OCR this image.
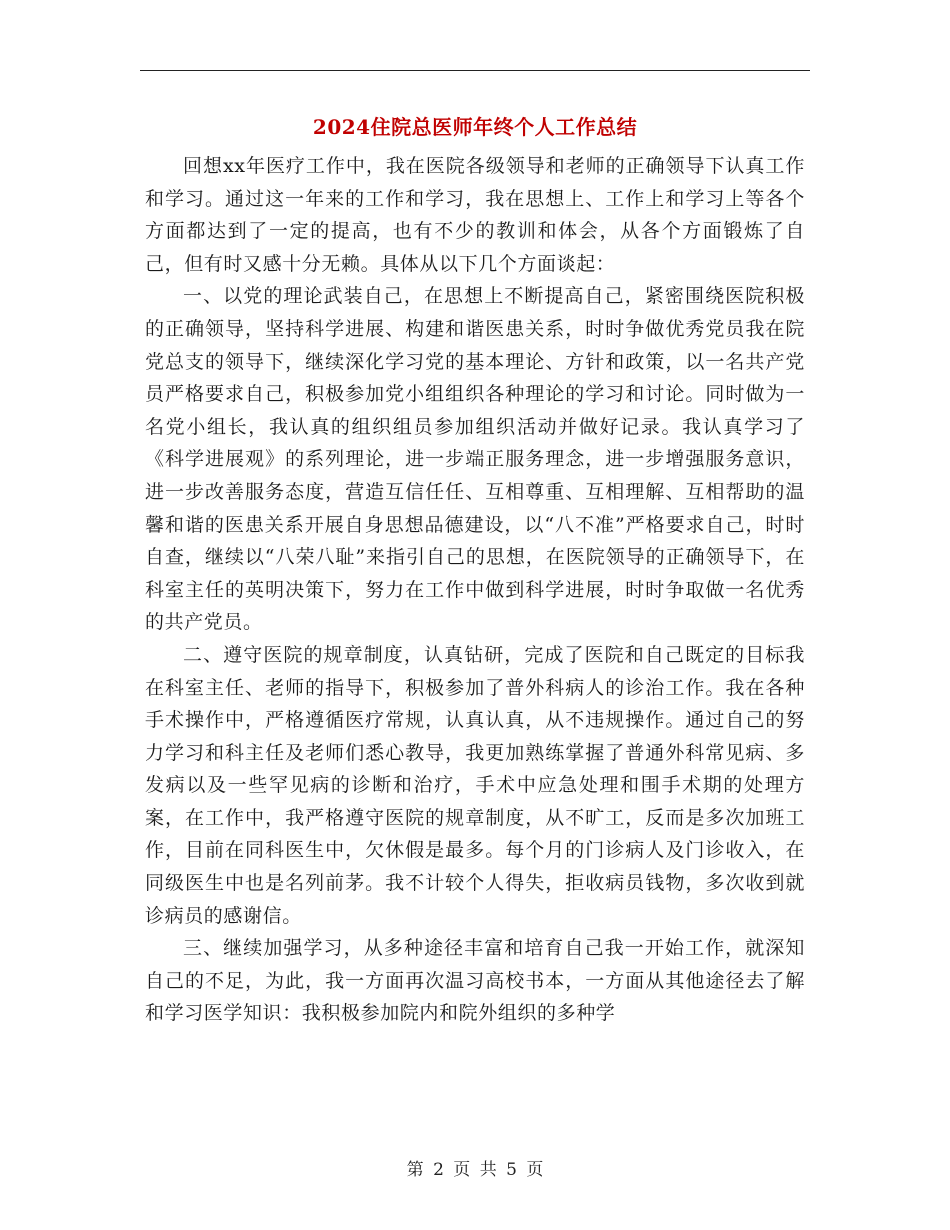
2024住院总医师年终个人工作总结

回想xx年医疗工作中，我在医院各级领导和老师的正确领导下认真工作和学习。通过这一年来的工作和学习，我在思想上、工作上和学习上等各个方面都达到了一定的提高，也有不少的教训和体会，从各个方面锻炼了自己，但有时又感十分无赖。具体从以下几个方面谈起：

一、以党的理论武装自己，在思想上不断提高自己，紧密围绕医院积极的正确领导，坚持科学进展、构建和谐医患关系，时时争做优秀党员我在院党总支的领导下，继续深化学习党的基本理论、方针和政策，以一名共产党员严格要求自己，积极参加党小组组织各种理论的学习和讨论。同时做为一名党小组长，我认真的组织组员参加组织活动并做好记录。我认真学习了《科学进展观》的系列理论，进一步端正服务理念，进一步增强服务意识，进一步改善服务态度，营造互信任任、互相尊重、互相理解、互相帮助的温馨和谐的医患关系开展自身思想品德建设，以“八不准”严格要求自己，时时自查，继续以“八荣八耻”来指引自己的思想，在医院领导的正确领导下，在科室主任的英明决策下，努力在工作中做到科学进展，时时争取做一名优秀的共产党员。

二、遵守医院的规章制度，认真钻研，完成了医院和自己既定的目标我在科室主任、老师的指导下，积极参加了普外科病人的诊治工作。我在各种手术操作中，严格遵循医疗常规，认真认真，从不违规操作。通过自己的努力学习和科主任及老师们悉心教导，我更加熟练掌握了普通外科常见病、多发病以及一些罕见病的诊断和治疗，手术中应急处理和围手术期的处理方案，在工作中，我严格遵守医院的规章制度，从不旷工，反而是多次加班工作，目前在同科医生中，欠休假是最多。每个月的门诊病人及门诊收入，在同级医生中也是名列前茅。我不计较个人得失，拒收病员钱物，多次收到就诊病员的感谢信。

三、继续加强学习，从多种途径丰富和培育自己我一开始工作，就深知自己的不足，为此，我一方面再次温习高校书本，一方面从其他途径去了解和学习医学知识：我积极参加院内和院外组织的多种学

第 2 页 共 5 页
